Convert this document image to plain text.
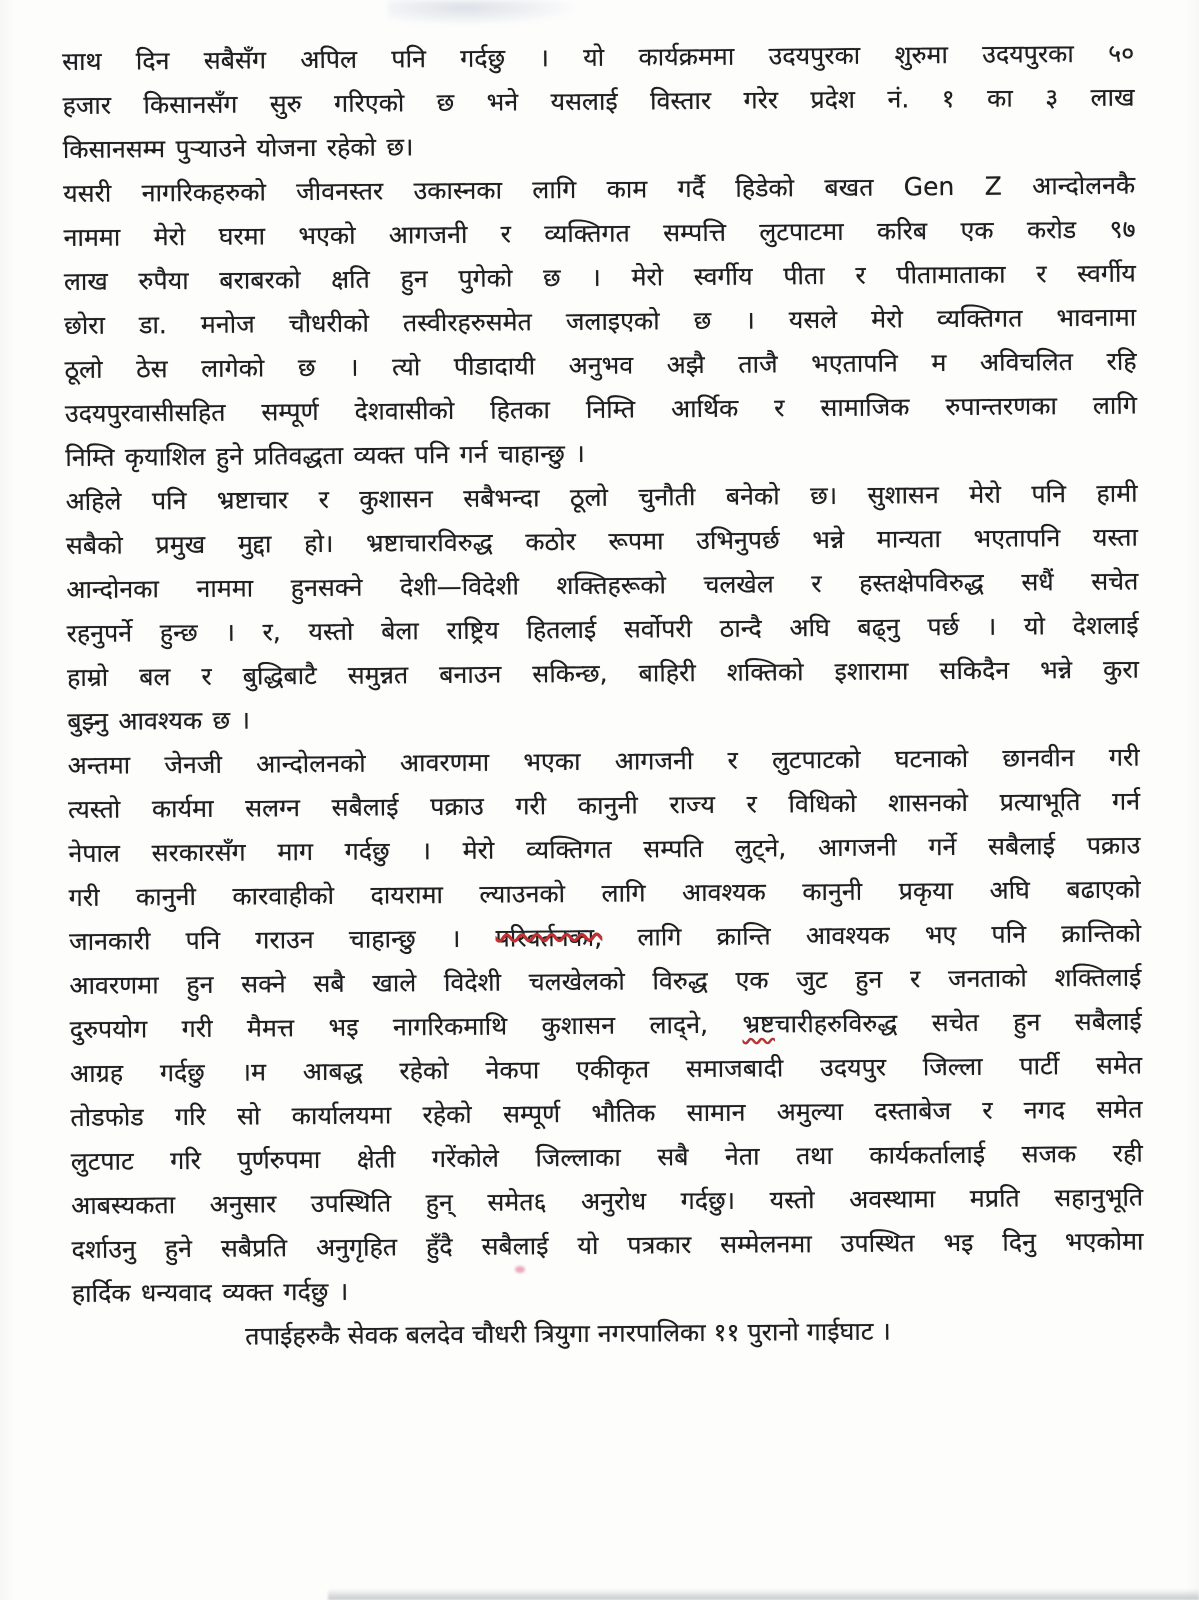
साथ दिन सबैसँग अपिल पनि गर्दछु । यो कार्यक्रममा उदयपुरका शुरुमा उदयपुरका ५०
हजार किसानसँग सुरु गरिएको छ भने यसलाई विस्तार गरेर प्रदेश नं. १ का ३ लाख
किसानसम्म पुऱ्याउने योजना रहेको छ।
यसरी नागरिकहरुको जीवनस्तर उकास्नका लागि काम गर्दै हिडेको बखत Gen Z आन्दोलनकै
नाममा मेरो घरमा भएको आगजनी र व्यक्तिगत सम्पत्ति लुटपाटमा करिब एक करोड ९७
लाख रुपैया बराबरको क्षति हुन पुगेको छ । मेरो स्वर्गीय पीता र पीतामाताका र स्वर्गीय
छोरा डा. मनोज चौधरीको तस्वीरहरुसमेत जलाइएको छ । यसले मेरो व्यक्तिगत भावनामा
ठूलो ठेस लागेको छ । त्यो पीडादायी अनुभव अझै ताजै भएतापनि म अविचलित रहि
उदयपुरवासीसहित सम्पूर्ण देशवासीको हितका निम्ति आर्थिक र सामाजिक रुपान्तरणका लागि
निम्ति कृयाशिल हुने प्रतिवद्धता व्यक्त पनि गर्न चाहान्छु ।
अहिले पनि भ्रष्टाचार र कुशासन सबैभन्दा ठूलो चुनौती बनेको छ। सुशासन मेरो पनि हामी
सबैको प्रमुख मुद्दा हो। भ्रष्टाचारविरुद्ध कठोर रूपमा उभिनुपर्छ भन्ने मान्यता भएतापनि यस्ता
आन्दोनका नाममा हुनसक्ने देशी—विदेशी शक्तिहरूको चलखेल र हस्तक्षेपविरुद्ध सधैं सचेत
रहनुपर्ने हुन्छ । र, यस्तो बेला राष्ट्रिय हितलाई सर्वोपरी ठान्दै अघि बढ्नु पर्छ । यो देशलाई
हाम्रो बल र बुद्धिबाटै समुन्नत बनाउन सकिन्छ, बाहिरी शक्तिको इशारामा सकिदैन भन्ने कुरा
बुझ्नु आवश्यक छ ।
अन्तमा जेनजी आन्दोलनको आवरणमा भएका आगजनी र लुटपाटको घटनाको छानवीन गरी
त्यस्तो कार्यमा सलग्न सबैलाई पक्राउ गरी कानुनी राज्य र विधिको शासनको प्रत्याभूति गर्न
नेपाल सरकारसँग माग गर्दछु । मेरो व्यक्तिगत सम्पति लुट्ने, आगजनी गर्ने सबैलाई पक्राउ
गरी कानुनी कारवाहीको दायरामा ल्याउनको लागि आवश्यक कानुनी प्रकृया अघि बढाएको
जानकारी पनि गराउन चाहान्छु । परिवर्तनका, लागि क्रान्ति आवश्यक भए पनि क्रान्तिको
आवरणमा हुन सक्ने सबै खाले विदेशी चलखेलको विरुद्ध एक जुट हुन र जनताको शक्तिलाई
दुरुपयोग गरी मैमत्त भइ नागरिकमाथि कुशासन लाद्ने, भ्रष्टचारीहरुविरुद्ध सचेत हुन सबैलाई
आग्रह गर्दछु ।म आबद्ध रहेको नेकपा एकीकृत समाजबादी उदयपुर जिल्ला पार्टी समेत
तोडफोड गरि सो कार्यालयमा रहेको सम्पूर्ण भौतिक सामान अमुल्या दस्ताबेज र नगद समेत
लुटपाट गरि पुर्णरुपमा क्षेती गरेंकोले जिल्लाका सबै नेता तथा कार्यकर्तालाई सजक रही
आबस्यकता अनुसार उपस्थिति हुन् समेत६ अनुरोध गर्दछु। यस्तो अवस्थामा मप्रति सहानुभूति
दर्शाउनु हुने सबैप्रति अनुगृहित हुँदै सबैलाई यो पत्रकार सम्मेलनमा उपस्थित भइ दिनु भएकोमा
हार्दिक धन्यवाद व्यक्त गर्दछु ।
तपाईहरुकै सेवक बलदेव चौधरी त्रियुगा नगरपालिका ११ पुरानो गाईघाट ।
